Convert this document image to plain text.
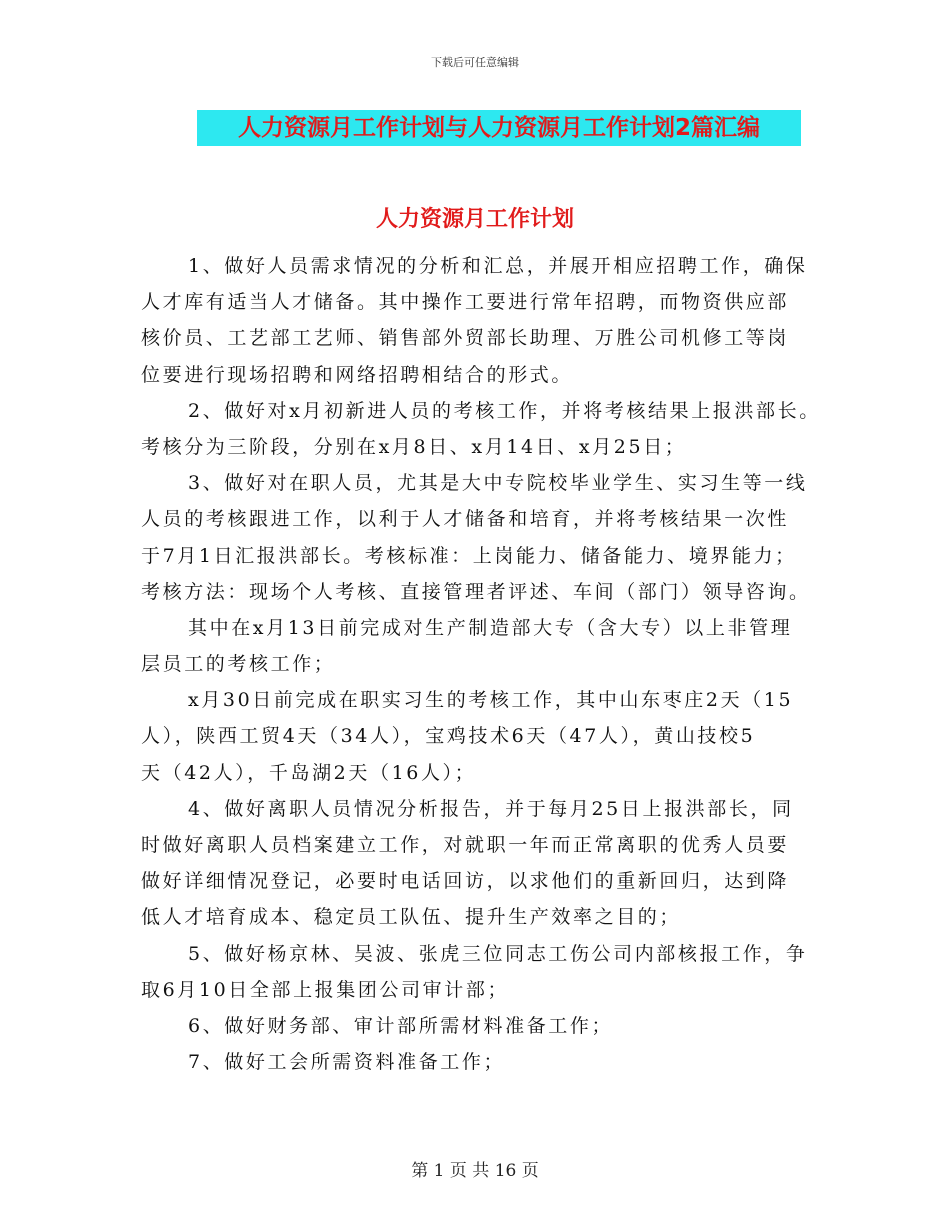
下载后可任意编辑
人力资源月工作计划与人力资源月工作计划2篇汇编
人力资源月工作计划
1、做好人员需求情况的分析和汇总，并展开相应招聘工作，确保
人才库有适当人才储备。其中操作工要进行常年招聘，而物资供应部
核价员、工艺部工艺师、销售部外贸部长助理、万胜公司机修工等岗
位要进行现场招聘和网络招聘相结合的形式。
2、做好对x月初新进人员的考核工作，并将考核结果上报洪部长。
考核分为三阶段，分别在x月8日、x月14日、x月25日；
3、做好对在职人员，尤其是大中专院校毕业学生、实习生等一线
人员的考核跟进工作，以利于人才储备和培育，并将考核结果一次性
于7月1日汇报洪部长。考核标准：上岗能力、储备能力、境界能力；
考核方法：现场个人考核、直接管理者评述、车间（部门）领导咨询。
其中在x月13日前完成对生产制造部大专（含大专）以上非管理
层员工的考核工作；
x月30日前完成在职实习生的考核工作，其中山东枣庄2天（15
人），陕西工贸4天（34人），宝鸡技术6天（47人），黄山技校5
天（42人），千岛湖2天（16人）；
4、做好离职人员情况分析报告，并于每月25日上报洪部长，同
时做好离职人员档案建立工作，对就职一年而正常离职的优秀人员要
做好详细情况登记，必要时电话回访，以求他们的重新回归，达到降
低人才培育成本、稳定员工队伍、提升生产效率之目的；
5、做好杨京林、吴波、张虎三位同志工伤公司内部核报工作，争
取6月10日全部上报集团公司审计部；
6、做好财务部、审计部所需材料准备工作；
7、做好工会所需资料准备工作；
第 1 页 共 16 页
